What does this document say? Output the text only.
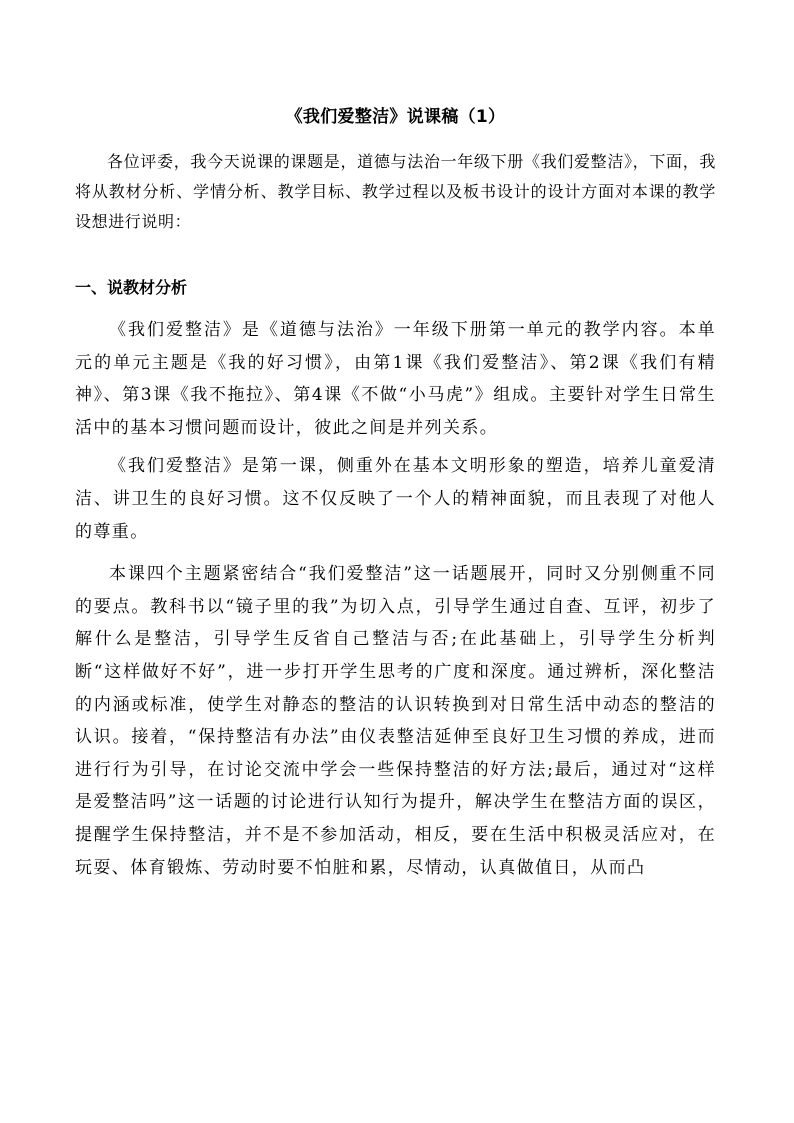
《我们爱整洁》说课稿（1）

各位评委，我今天说课的课题是，道德与法治一年级下册《我们爱整洁》，下面，我将从教材分析、学情分析、教学目标、教学过程以及板书设计的设计方面对本课的教学设想进行说明：

一、说教材分析

《我们爱整洁》是《道德与法治》一年级下册第一单元的教学内容。本单元的单元主题是《我的好习惯》，由第1课《我们爱整洁》、第2课《我们有精神》、第3课《我不拖拉》、第4课《不做“小马虎”》组成。主要针对学生日常生活中的基本习惯问题而设计，彼此之间是并列关系。

《我们爱整洁》是第一课，侧重外在基本文明形象的塑造，培养儿童爱清洁、讲卫生的良好习惯。这不仅反映了一个人的精神面貌，而且表现了对他人的尊重。

本课四个主题紧密结合“我们爱整洁”这一话题展开，同时又分别侧重不同的要点。教科书以“镜子里的我”为切入点，引导学生通过自查、互评，初步了解什么是整洁，引导学生反省自己整洁与否;在此基础上，引导学生分析判断“这样做好不好”，进一步打开学生思考的广度和深度。通过辨析，深化整洁的内涵或标准，使学生对静态的整洁的认识转换到对日常生活中动态的整洁的认识。接着，“保持整洁有办法”由仪表整洁延伸至良好卫生习惯的养成，进而进行行为引导，在讨论交流中学会一些保持整洁的好方法;最后，通过对“这样是爱整洁吗”这一话题的讨论进行认知行为提升，解决学生在整洁方面的误区，提醒学生保持整洁，并不是不参加活动，相反，要在生活中积极灵活应对，在玩耍、体育锻炼、劳动时要不怕脏和累，尽情动，认真做值日，从而凸
